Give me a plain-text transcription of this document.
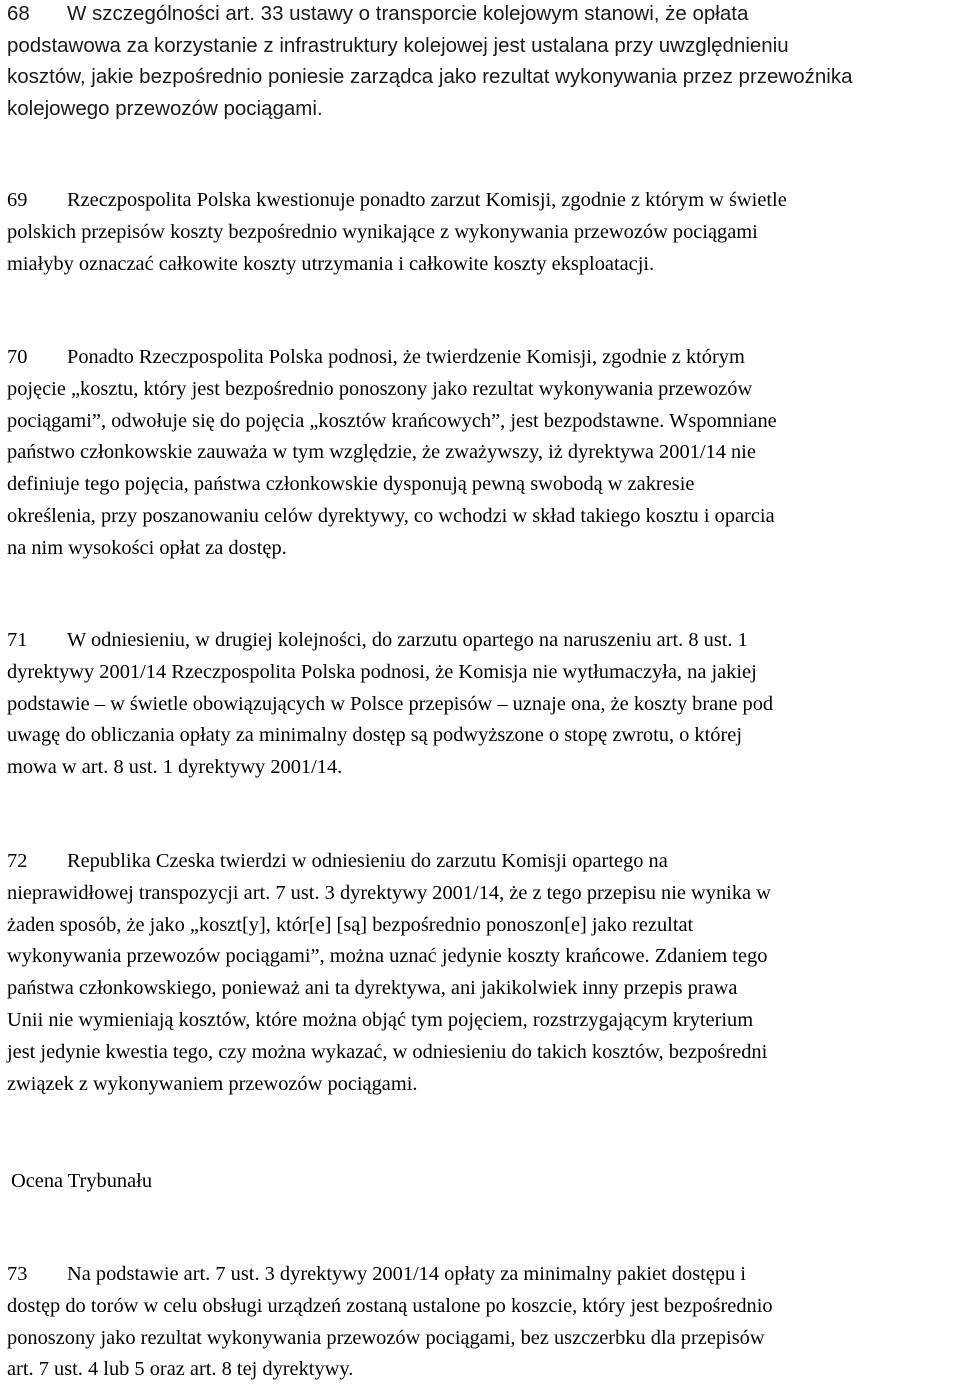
68 W szczególności art. 33 ustawy o transporcie kolejowym stanowi, że opłata
podstawowa za korzystanie z infrastruktury kolejowej jest ustalana przy uwzględnieniu
kosztów, jakie bezpośrednio poniesie zarządca jako rezultat wykonywania przez przewoźnika
kolejowego przewozów pociągami.
69 Rzeczpospolita Polska kwestionuje ponadto zarzut Komisji, zgodnie z którym w świetle
polskich przepisów koszty bezpośrednio wynikające z wykonywania przewozów pociągami
miałyby oznaczać całkowite koszty utrzymania i całkowite koszty eksploatacji.
70 Ponadto Rzeczpospolita Polska podnosi, że twierdzenie Komisji, zgodnie z którym
pojęcie „kosztu, który jest bezpośrednio ponoszony jako rezultat wykonywania przewozów
pociągami”, odwołuje się do pojęcia „kosztów krańcowych”, jest bezpodstawne. Wspomniane
państwo członkowskie zauważa w tym względzie, że zważywszy, iż dyrektywa 2001/14 nie
definiuje tego pojęcia, państwa członkowskie dysponują pewną swobodą w zakresie
określenia, przy poszanowaniu celów dyrektywy, co wchodzi w skład takiego kosztu i oparcia
na nim wysokości opłat za dostęp.
71 W odniesieniu, w drugiej kolejności, do zarzutu opartego na naruszeniu art. 8 ust. 1
dyrektywy 2001/14 Rzeczpospolita Polska podnosi, że Komisja nie wytłumaczyła, na jakiej
podstawie – w świetle obowiązujących w Polsce przepisów – uznaje ona, że koszty brane pod
uwagę do obliczania opłaty za minimalny dostęp są podwyższone o stopę zwrotu, o której
mowa w art. 8 ust. 1 dyrektywy 2001/14.
72 Republika Czeska twierdzi w odniesieniu do zarzutu Komisji opartego na
nieprawidłowej transpozycji art. 7 ust. 3 dyrektywy 2001/14, że z tego przepisu nie wynika w
żaden sposób, że jako „koszt[y], któr[e] [są] bezpośrednio ponoszon[e] jako rezultat
wykonywania przewozów pociągami”, można uznać jedynie koszty krańcowe. Zdaniem tego
państwa członkowskiego, ponieważ ani ta dyrektywa, ani jakikolwiek inny przepis prawa
Unii nie wymieniają kosztów, które można objąć tym pojęciem, rozstrzygającym kryterium
jest jedynie kwestia tego, czy można wykazać, w odniesieniu do takich kosztów, bezpośredni
związek z wykonywaniem przewozów pociągami.
Ocena Trybunału
73 Na podstawie art. 7 ust. 3 dyrektywy 2001/14 opłaty za minimalny pakiet dostępu i
dostęp do torów w celu obsługi urządzeń zostaną ustalone po koszcie, który jest bezpośrednio
ponoszony jako rezultat wykonywania przewozów pociągami, bez uszczerbku dla przepisów
art. 7 ust. 4 lub 5 oraz art. 8 tej dyrektywy.
